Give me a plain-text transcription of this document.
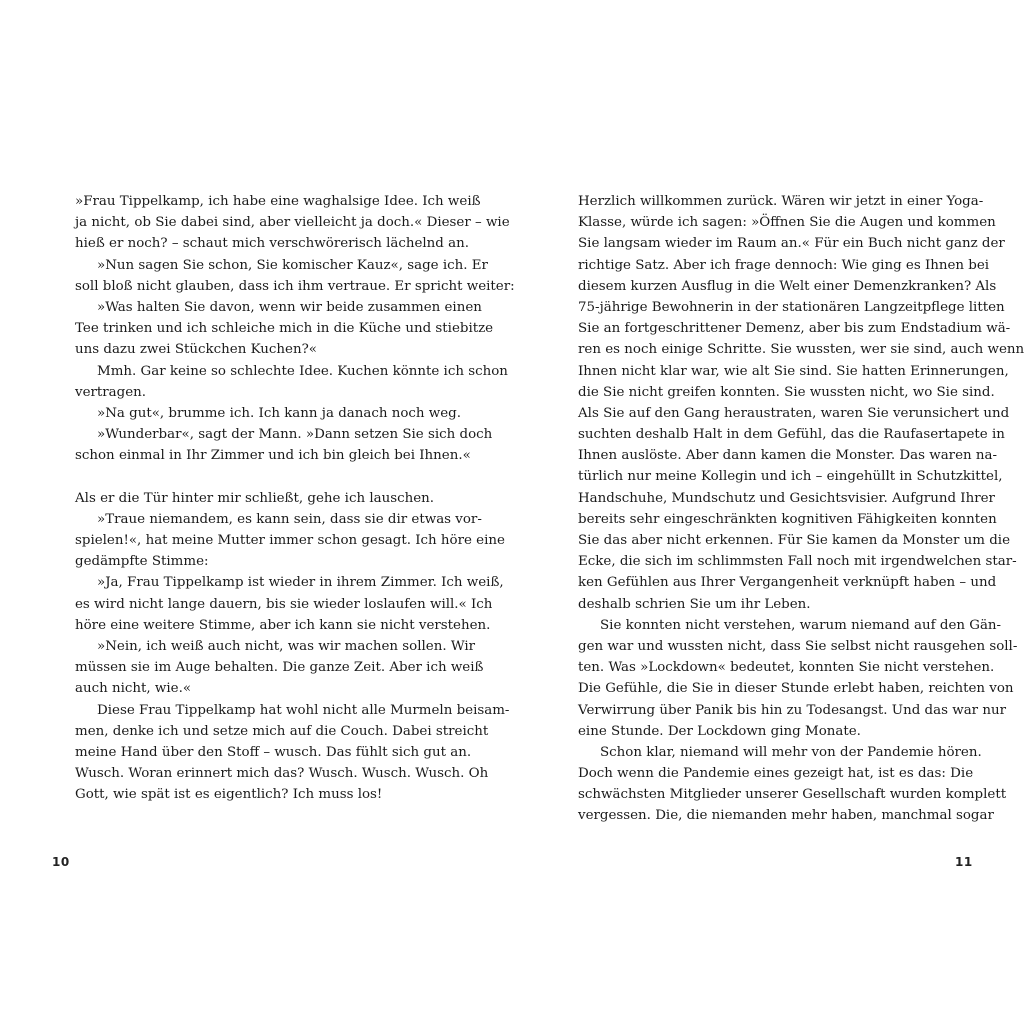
»Frau Tippelkamp, ich habe eine waghalsige Idee. Ich weiß
ja nicht, ob Sie dabei sind, aber vielleicht ja doch.« Dieser – wie
hieß er noch? – schaut mich verschwörerisch lächelnd an.
»Nun sagen Sie schon, Sie komischer Kauz«, sage ich. Er
soll bloß nicht glauben, dass ich ihm vertraue. Er spricht weiter:
»Was halten Sie davon, wenn wir beide zusammen einen
Tee trinken und ich schleiche mich in die Küche und stiebitze
uns dazu zwei Stückchen Kuchen?«
Mmh. Gar keine so schlechte Idee. Kuchen könnte ich schon
vertragen.
»Na gut«, brumme ich. Ich kann ja danach noch weg.
»Wunderbar«, sagt der Mann. »Dann setzen Sie sich doch
schon einmal in Ihr Zimmer und ich bin gleich bei Ihnen.«
Als er die Tür hinter mir schließt, gehe ich lauschen.
»Traue niemandem, es kann sein, dass sie dir etwas vor-
spielen!«, hat meine Mutter immer schon gesagt. Ich höre eine
gedämpfte Stimme:
»Ja, Frau Tippelkamp ist wieder in ihrem Zimmer. Ich weiß,
es wird nicht lange dauern, bis sie wieder loslaufen will.« Ich
höre eine weitere Stimme, aber ich kann sie nicht verstehen.
»Nein, ich weiß auch nicht, was wir machen sollen. Wir
müssen sie im Auge behalten. Die ganze Zeit. Aber ich weiß
auch nicht, wie.«
Diese Frau Tippelkamp hat wohl nicht alle Murmeln beisam-
men, denke ich und setze mich auf die Couch. Dabei streicht
meine Hand über den Stoff – wusch. Das fühlt sich gut an.
Wusch. Woran erinnert mich das? Wusch. Wusch. Wusch. Oh
Gott, wie spät ist es eigentlich? Ich muss los!
Herzlich willkommen zurück. Wären wir jetzt in einer Yoga-
Klasse, würde ich sagen: »Öffnen Sie die Augen und kommen
Sie langsam wieder im Raum an.« Für ein Buch nicht ganz der
richtige Satz. Aber ich frage dennoch: Wie ging es Ihnen bei
diesem kurzen Ausflug in die Welt einer Demenzkranken? Als
75-jährige Bewohnerin in der stationären Langzeitpflege litten
Sie an fortgeschrittener Demenz, aber bis zum Endstadium wä-
ren es noch einige Schritte. Sie wussten, wer sie sind, auch wenn
Ihnen nicht klar war, wie alt Sie sind. Sie hatten Erinnerungen,
die Sie nicht greifen konnten. Sie wussten nicht, wo Sie sind.
Als Sie auf den Gang heraustraten, waren Sie verunsichert und
suchten deshalb Halt in dem Gefühl, das die Raufasertapete in
Ihnen auslöste. Aber dann kamen die Monster. Das waren na-
türlich nur meine Kollegin und ich – eingehüllt in Schutzkittel,
Handschuhe, Mundschutz und Gesichtsvisier. Aufgrund Ihrer
bereits sehr eingeschränkten kognitiven Fähigkeiten konnten
Sie das aber nicht erkennen. Für Sie kamen da Monster um die
Ecke, die sich im schlimmsten Fall noch mit irgendwelchen star-
ken Gefühlen aus Ihrer Vergangenheit verknüpft haben – und
deshalb schrien Sie um ihr Leben.
Sie konnten nicht verstehen, warum niemand auf den Gän-
gen war und wussten nicht, dass Sie selbst nicht rausgehen soll-
ten. Was »Lockdown« bedeutet, konnten Sie nicht verstehen.
Die Gefühle, die Sie in dieser Stunde erlebt haben, reichten von
Verwirrung über Panik bis hin zu Todesangst. Und das war nur
eine Stunde. Der Lockdown ging Monate.
Schon klar, niemand will mehr von der Pandemie hören.
Doch wenn die Pandemie eines gezeigt hat, ist es das: Die
schwächsten Mitglieder unserer Gesellschaft wurden komplett
vergessen. Die, die niemanden mehr haben, manchmal sogar
10	11
